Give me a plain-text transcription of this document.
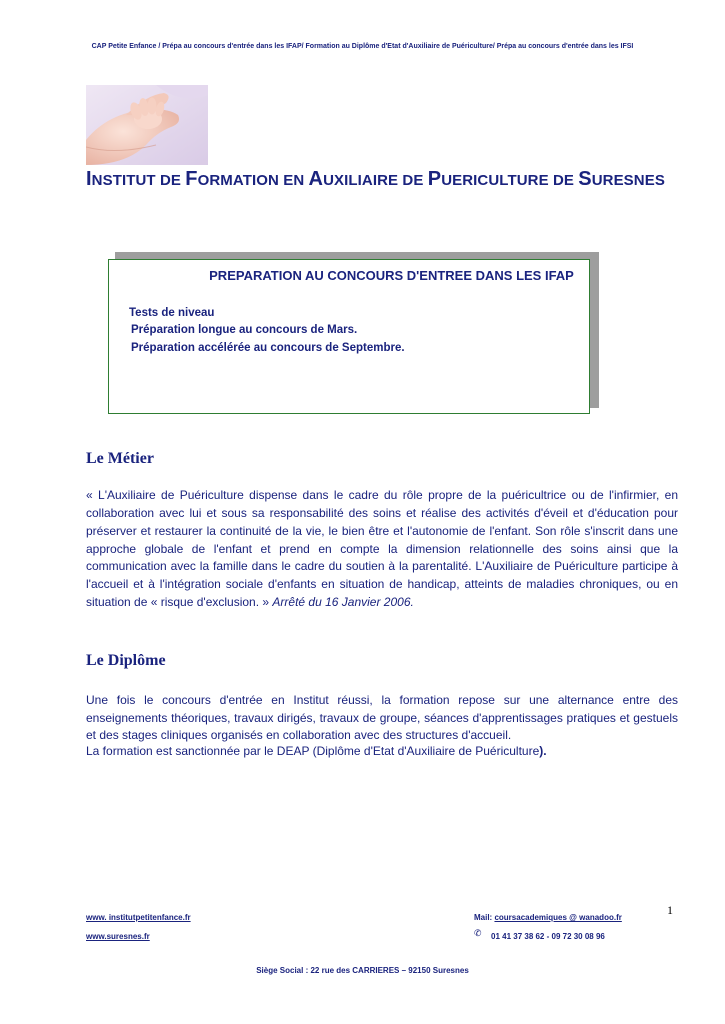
CAP Petite Enfance / Prépa au concours d'entrée dans les IFAP/ Formation au Diplôme d'Etat d'Auxiliaire de Puériculture/ Prépa au concours d'entrée dans les IFSI
INSTITUT DE FORMATION EN AUXILIAIRE DE PUERICULTURE DE SURESNES
PREPARATION AU CONCOURS D'ENTREE DANS LES IFAP
Tests de niveau
Préparation longue au concours de Mars.
Préparation accélérée au concours de Septembre.
Le Métier
« L'Auxiliaire de Puériculture dispense dans le cadre du rôle propre de la puéricultrice ou de l'infirmier, en
collaboration avec lui et sous sa responsabilité des soins et réalise des activités d'éveil et d'éducation pour
préserver et restaurer la continuité de la vie, le bien être et l'autonomie de l'enfant. Son rôle s'inscrit dans une
approche globale de l'enfant et prend en compte la dimension relationnelle des soins ainsi que la
communication avec la famille dans le cadre du soutien à la parentalité. L'Auxiliaire de Puériculture participe à
l'accueil et à l'intégration sociale d'enfants en situation de handicap, atteints de maladies chroniques, ou en
situation de « risque d'exclusion. » Arrêté du 16 Janvier 2006.
Le Diplôme
Une fois le concours d'entrée en Institut réussi, la formation repose sur une alternance entre des
enseignements théoriques, travaux dirigés, travaux de groupe, séances d'apprentissages pratiques et gestuels
et des stages cliniques organisés en collaboration avec des structures d'accueil.
La formation est sanctionnée par le DEAP (Diplôme d'Etat d'Auxiliaire de Puériculture).
1
www. institutpetitenfance.fr
www.suresnes.fr
Mail: coursacademiques @ wanadoo.fr
✆ 01 41 37 38 62 - 09 72 30 08 96
Siège Social : 22 rue des CARRIERES – 92150 Suresnes
